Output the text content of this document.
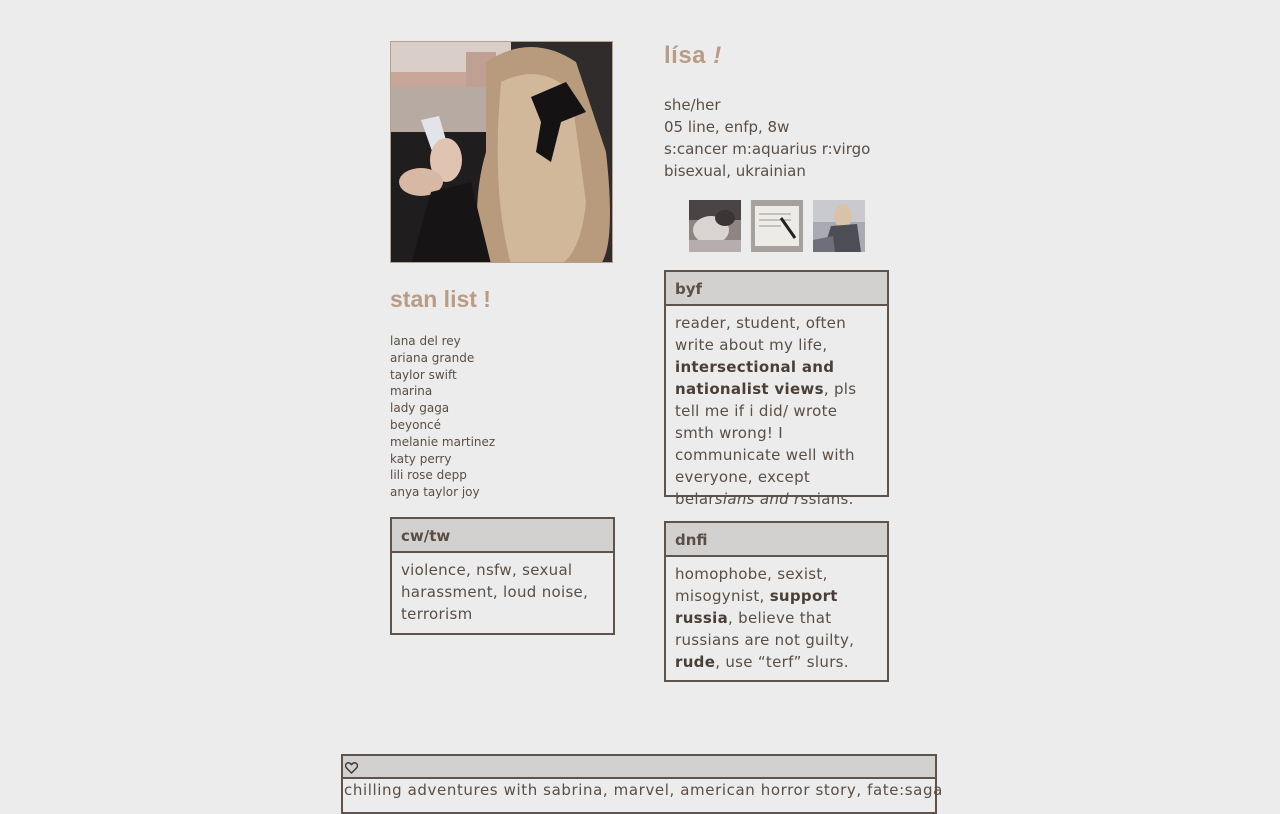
lísa !
she/her
05 line, enfp, 8w
s:cancer m:aquarius r:virgo
bisexual, ukrainian
stan list !
lana del rey
ariana grande
taylor swift
marina
lady gaga
beyoncé
melanie martinez
katy perry
lili rose depp
anya taylor joy
byf
reader, student, often write about my life, intersectional and nationalist views, pls tell me if i did/ wrote smth wrong! I communicate well with everyone, except belarsians and rssians.
cw/tw
violence, nsfw, sexual harassment, loud noise, terrorism
dnfi
homophobe, sexist, misogynist, support russia, believe that russians are not guilty, rude, use “terf” slurs.
chilling adventures with sabrina, marvel, american horror story, fate:saga
